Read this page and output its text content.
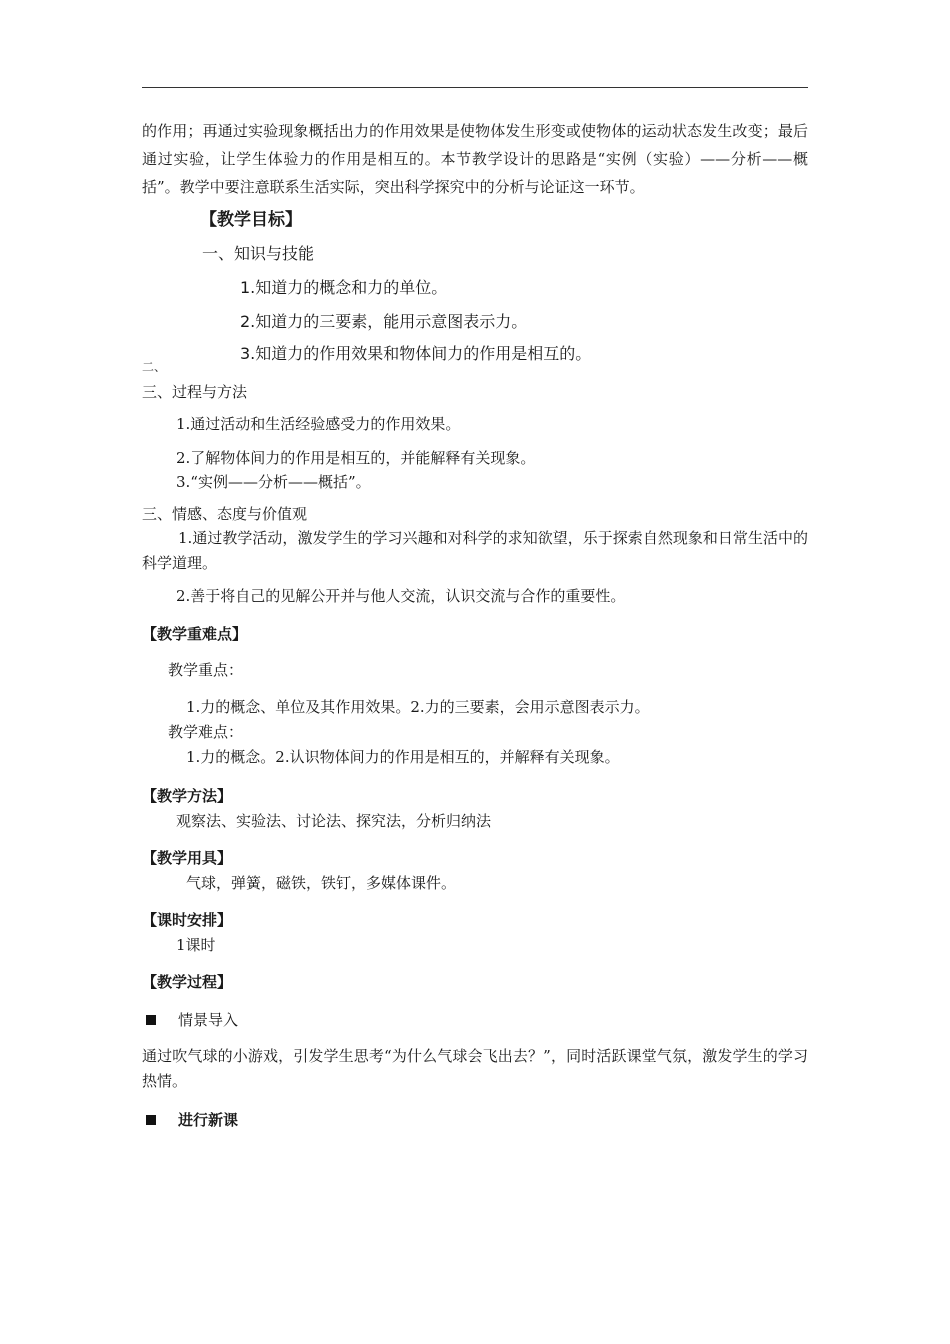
的作用；再通过实验现象概括出力的作用效果是使物体发生形变或使物体的运动状态发生改变；最后通过实验，让学生体验力的作用是相互的。本节教学设计的思路是“实例（实验）——分析——概括”。教学中要注意联系生活实际，突出科学探究中的分析与论证这一环节。

【教学目标】
一、知识与技能
1.知道力的概念和力的单位。
2.知道力的三要素，能用示意图表示力。
3.知道力的作用效果和物体间力的作用是相互的。
二、
三、过程与方法
1.通过活动和生活经验感受力的作用效果。
2.了解物体间力的作用是相互的，并能解释有关现象。
3.“实例——分析——概括”。
三、情感、态度与价值观

1.通过教学活动，激发学生的学习兴趣和对科学的求知欲望，乐于探索自然现象和日常生活中的科学道理。

2.善于将自己的见解公开并与他人交流，认识交流与合作的重要性。
【教学重难点】
教学重点：
1.力的概念、单位及其作用效果。2.力的三要素，会用示意图表示力。
教学难点：
1.力的概念。2.认识物体间力的作用是相互的，并解释有关现象。
【教学方法】
观察法、实验法、讨论法、探究法，分析归纳法
【教学用具】
气球，弹簧，磁铁，铁钉，多媒体课件。
【课时安排】
1课时
【教学过程】
情景导入

通过吹气球的小游戏，引发学生思考“为什么气球会飞出去？”，同时活跃课堂气氛，激发学生的学习热情。

进行新课
